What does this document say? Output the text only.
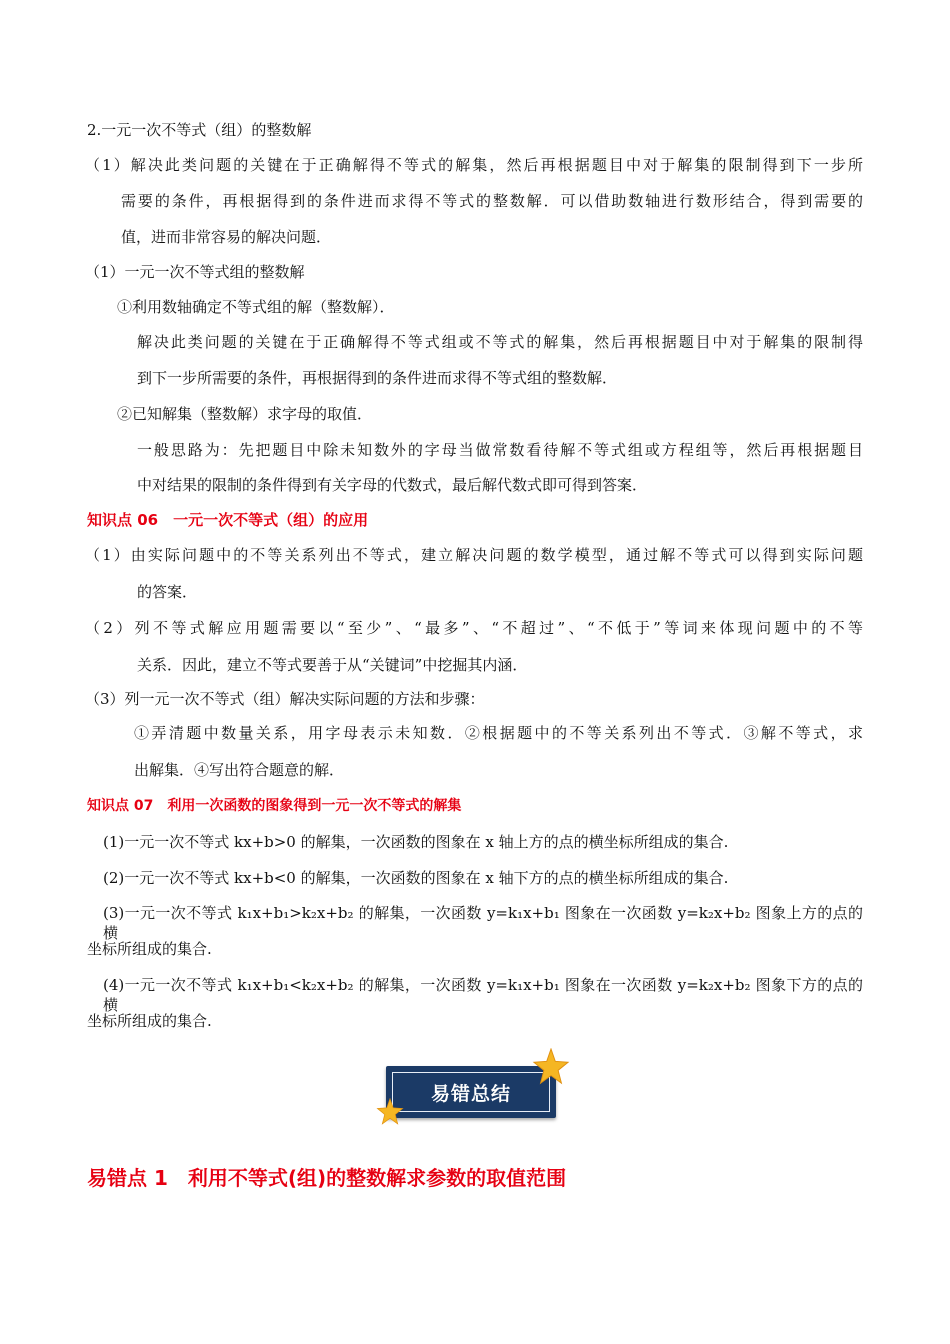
2.一元一次不等式（组）的整数解
（1）解决此类问题的关键在于正确解得不等式的解集，然后再根据题目中对于解集的限制得到下一步所
需要的条件，再根据得到的条件进而求得不等式的整数解．可以借助数轴进行数形结合，得到需要的
值，进而非常容易的解决问题．
（1）一元一次不等式组的整数解
①利用数轴确定不等式组的解（整数解）．
解决此类问题的关键在于正确解得不等式组或不等式的解集，然后再根据题目中对于解集的限制得
到下一步所需要的条件，再根据得到的条件进而求得不等式组的整数解．
②已知解集（整数解）求字母的取值．
一般思路为：先把题目中除未知数外的字母当做常数看待解不等式组或方程组等，然后再根据题目
中对结果的限制的条件得到有关字母的代数式，最后解代数式即可得到答案．
知识点 06　一元一次不等式（组）的应用
（1）由实际问题中的不等关系列出不等式，建立解决问题的数学模型，通过解不等式可以得到实际问题
的答案．
（2）列不等式解应用题需要以“至少”、“最多”、“不超过”、“不低于”等词来体现问题中的不等
关系．因此，建立不等式要善于从“关键词”中挖掘其内涵．
（3）列一元一次不等式（组）解决实际问题的方法和步骤：
①弄清题中数量关系，用字母表示未知数．②根据题中的不等关系列出不等式．③解不等式，求
出解集．④写出符合题意的解．
知识点 07　利用一次函数的图象得到一元一次不等式的解集
(1)一元一次不等式 kx+b>0 的解集，一次函数的图象在 x 轴上方的点的横坐标所组成的集合.
(2)一元一次不等式 kx+b<0 的解集，一次函数的图象在 x 轴下方的点的横坐标所组成的集合.
(3)一元一次不等式 k₁x+b₁>k₂x+b₂ 的解集，一次函数 y=k₁x+b₁ 图象在一次函数 y=k₂x+b₂ 图象上方的点的横
坐标所组成的集合.
(4)一元一次不等式 k₁x+b₁<k₂x+b₂ 的解集，一次函数 y=k₁x+b₁ 图象在一次函数 y=k₂x+b₂ 图象下方的点的横
坐标所组成的集合.
易错总结
易错点 1　利用不等式(组)的整数解求参数的取值范围
